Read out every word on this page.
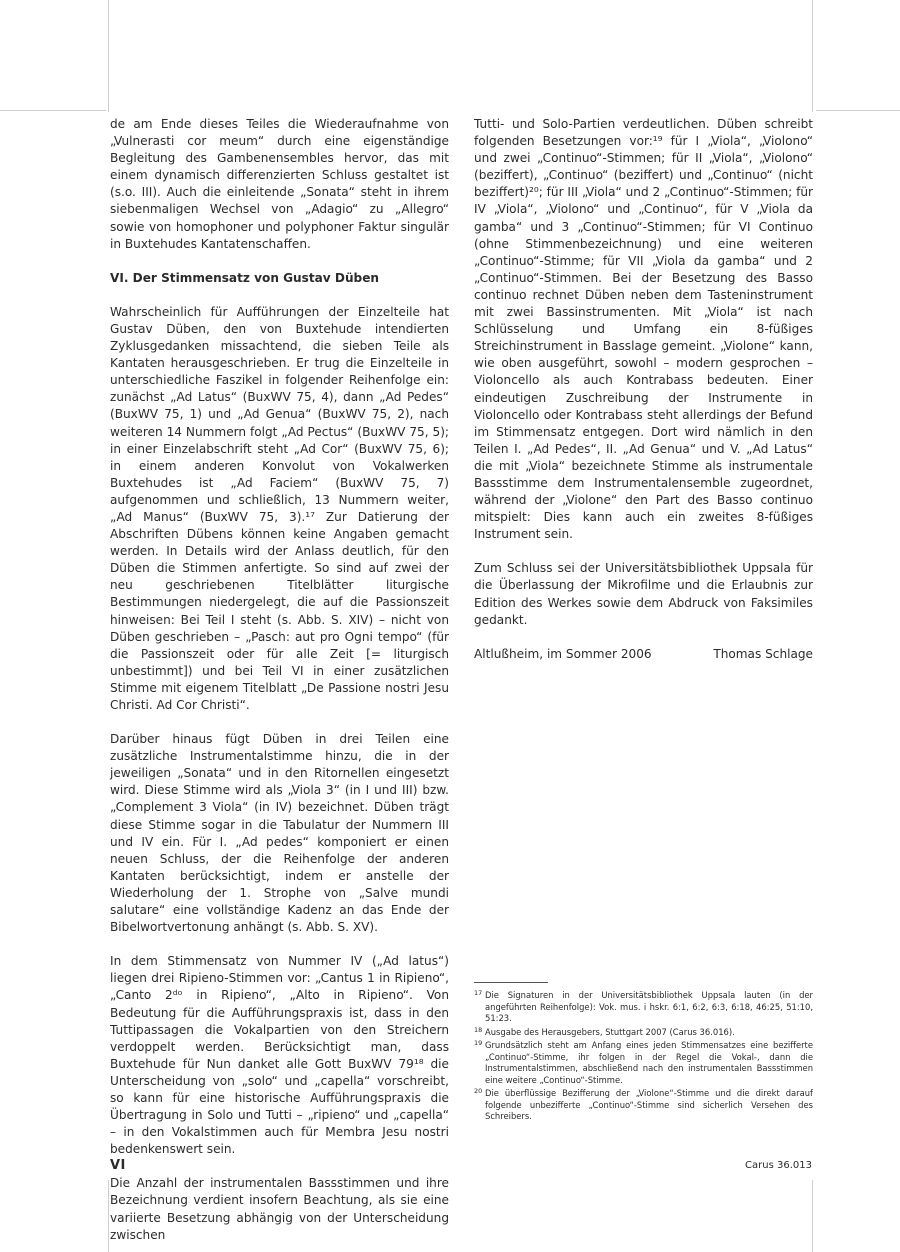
de am Ende dieses Teiles die Wiederaufnahme von „Vulnerasti cor meum“ durch eine eigenständige Begleitung des Gambenensembles hervor, das mit einem dynamisch differenzierten Schluss gestaltet ist (s.o. III). Auch die einleitende „Sonata“ steht in ihrem siebenmaligen Wechsel von „Adagio“ zu „Allegro“ sowie von homophoner und polyphoner Faktur singulär in Buxtehudes Kantatenschaffen.

VI. Der Stimmensatz von Gustav Düben

Wahrscheinlich für Aufführungen der Einzelteile hat Gustav Düben, den von Buxtehude intendierten Zyklusgedanken missachtend, die sieben Teile als Kantaten herausgeschrieben. Er trug die Einzelteile in unterschiedliche Faszikel in folgender Reihenfolge ein: zunächst „Ad Latus“ (BuxWV 75, 4), dann „Ad Pedes“ (BuxWV 75, 1) und „Ad Genua“ (BuxWV 75, 2), nach weiteren 14 Nummern folgt „Ad Pectus“ (BuxWV 75, 5); in einer Einzelabschrift steht „Ad Cor“ (BuxWV 75, 6); in einem anderen Konvolut von Vokalwerken Buxtehudes ist „Ad Faciem“ (BuxWV 75, 7) aufgenommen und schließlich, 13 Nummern weiter, „Ad Manus“ (BuxWV 75, 3).¹⁷ Zur Datierung der Abschriften Dübens können keine Angaben gemacht werden. In Details wird der Anlass deutlich, für den Düben die Stimmen anfertigte. So sind auf zwei der neu geschriebenen Titelblätter liturgische Bestimmungen niedergelegt, die auf die Passionszeit hinweisen: Bei Teil I steht (s. Abb. S. XIV) – nicht von Düben geschrieben – „Pasch: aut pro Ogni tempo“ (für die Passionszeit oder für alle Zeit [= liturgisch unbestimmt]) und bei Teil VI in einer zusätzlichen Stimme mit eigenem Titelblatt „De Passione nostri Jesu Christi. Ad Cor Christi“.

Darüber hinaus fügt Düben in drei Teilen eine zusätzliche Instrumentalstimme hinzu, die in der jeweiligen „Sonata“ und in den Ritornellen eingesetzt wird. Diese Stimme wird als „Viola 3“ (in I und III) bzw. „Complement 3 Viola“ (in IV) bezeichnet. Düben trägt diese Stimme sogar in die Tabulatur der Nummern III und IV ein. Für I. „Ad pedes“ komponiert er einen neuen Schluss, der die Reihenfolge der anderen Kantaten berücksichtigt, indem er anstelle der Wiederholung der 1. Strophe von „Salve mundi salutare“ eine vollständige Kadenz an das Ende der Bibelwortvertonung anhängt (s. Abb. S. XV).

In dem Stimmensatz von Nummer IV („Ad latus“) liegen drei Ripieno-Stimmen vor: „Cantus 1 in Ripieno“, „Canto 2ᵈᵒ in Ripieno“, „Alto in Ripieno“. Von Bedeutung für die Aufführungspraxis ist, dass in den Tuttipassagen die Vokalpartien von den Streichern verdoppelt werden. Berücksichtigt man, dass Buxtehude für Nun danket alle Gott BuxWV 79¹⁸ die Unterscheidung von „solo“ und „capella“ vorschreibt, so kann für eine historische Aufführungspraxis die Übertragung in Solo und Tutti – „ripieno“ und „capella“ – in den Vokalstimmen auch für Membra Jesu nostri bedenkenswert sein.

Die Anzahl der instrumentalen Bassstimmen und ihre Bezeichnung verdient insofern Beachtung, als sie eine variierte Besetzung abhängig von der Unterscheidung zwischen

Tutti- und Solo-Partien verdeutlichen. Düben schreibt folgenden Besetzungen vor:¹⁹ für I „Viola“, „Violono“ und zwei „Continuo“-Stimmen; für II „Viola“, „Violono“ (beziffert), „Continuo“ (beziffert) und „Continuo“ (nicht beziffert)²⁰; für III „Viola“ und 2 „Continuo“-Stimmen; für IV „Viola“, „Violono“ und „Continuo“, für V „Viola da gamba“ und 3 „Continuo“-Stimmen; für VI Continuo (ohne Stimmenbezeichnung) und eine weiteren „Continuo“-Stimme; für VII „Viola da gamba“ und 2 „Continuo“-Stimmen. Bei der Besetzung des Basso continuo rechnet Düben neben dem Tasteninstrument mit zwei Bassinstrumenten. Mit „Viola“ ist nach Schlüsselung und Umfang ein 8-füßiges Streichinstrument in Basslage gemeint. „Violone“ kann, wie oben ausgeführt, sowohl – modern gesprochen – Violoncello als auch Kontrabass bedeuten. Einer eindeutigen Zuschreibung der Instrumente in Violoncello oder Kontrabass steht allerdings der Befund im Stimmensatz entgegen. Dort wird nämlich in den Teilen I. „Ad Pedes“, II. „Ad Genua“ und V. „Ad Latus“ die mit „Viola“ bezeichnete Stimme als instrumentale Bassstimme dem Instrumentalensemble zugeordnet, während der „Violone“ den Part des Basso continuo mitspielt: Dies kann auch ein zweites 8-füßiges Instrument sein.

Zum Schluss sei der Universitätsbibliothek Uppsala für die Überlassung der Mikrofilme und die Erlaubnis zur Edition des Werkes sowie dem Abdruck von Faksimiles gedankt.

Altlußheim, im Sommer 2006	Thomas Schlage
17 Die Signaturen in der Universitätsbibliothek Uppsala lauten (in der angeführten Reihenfolge): Vok. mus. i hskr. 6:1, 6:2, 6:3, 6:18, 46:25, 51:10, 51:23.
18 Ausgabe des Herausgebers, Stuttgart 2007 (Carus 36.016).
19 Grundsätzlich steht am Anfang eines jeden Stimmensatzes eine bezifferte „Continuo“-Stimme, ihr folgen in der Regel die Vokal-, dann die Instrumentalstimmen, abschließend nach den instrumentalen Bassstimmen eine weitere „Continuo“-Stimme.
20 Die überflüssige Bezifferung der „Violone“-Stimme und die direkt darauf folgende unbezifferte „Continuo“-Stimme sind sicherlich Versehen des Schreibers.
VI	Carus 36.013
